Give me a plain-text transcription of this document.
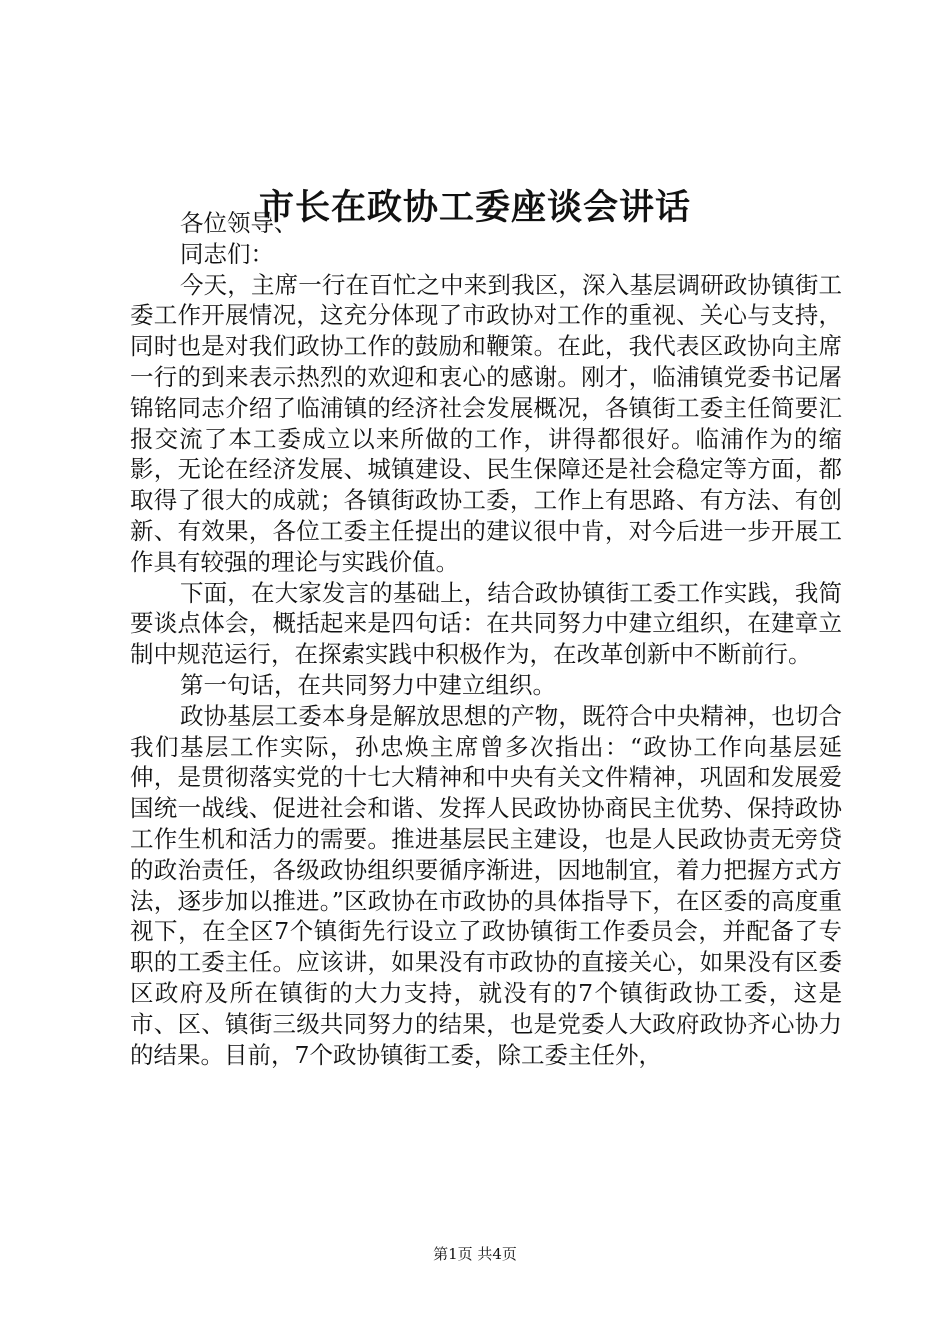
市长在政协工委座谈会讲话

各位领导、

同志们：

今天，主席一行在百忙之中来到我区，深入基层调研政协镇街工委工作开展情况，这充分体现了市政协对工作的重视、关心与支持，同时也是对我们政协工作的鼓励和鞭策。在此，我代表区政协向主席一行的到来表示热烈的欢迎和衷心的感谢。刚才，临浦镇党委书记屠锦铭同志介绍了临浦镇的经济社会发展概况，各镇街工委主任简要汇报交流了本工委成立以来所做的工作，讲得都很好。临浦作为的缩影，无论在经济发展、城镇建设、民生保障还是社会稳定等方面，都取得了很大的成就；各镇街政协工委，工作上有思路、有方法、有创新、有效果，各位工委主任提出的建议很中肯，对今后进一步开展工作具有较强的理论与实践价值。

下面，在大家发言的基础上，结合政协镇街工委工作实践，我简要谈点体会，概括起来是四句话：在共同努力中建立组织，在建章立制中规范运行，在探索实践中积极作为，在改革创新中不断前行。

第一句话，在共同努力中建立组织。

政协基层工委本身是解放思想的产物，既符合中央精神，也切合我们基层工作实际，孙忠焕主席曾多次指出：“政协工作向基层延伸，是贯彻落实党的十七大精神和中央有关文件精神，巩固和发展爱国统一战线、促进社会和谐、发挥人民政协协商民主优势、保持政协工作生机和活力的需要。推进基层民主建设，也是人民政协责无旁贷的政治责任，各级政协组织要循序渐进，因地制宜，着力把握方式方法，逐步加以推进。”区政协在市政协的具体指导下，在区委的高度重视下，在全区7个镇街先行设立了政协镇街工作委员会，并配备了专职的工委主任。应该讲，如果没有市政协的直接关心，如果没有区委区政府及所在镇街的大力支持，就没有的7个镇街政协工委，这是市、区、镇街三级共同努力的结果，也是党委人大政府政协齐心协力的结果。目前，7个政协镇街工委，除工委主任外，

第1页 共4页
